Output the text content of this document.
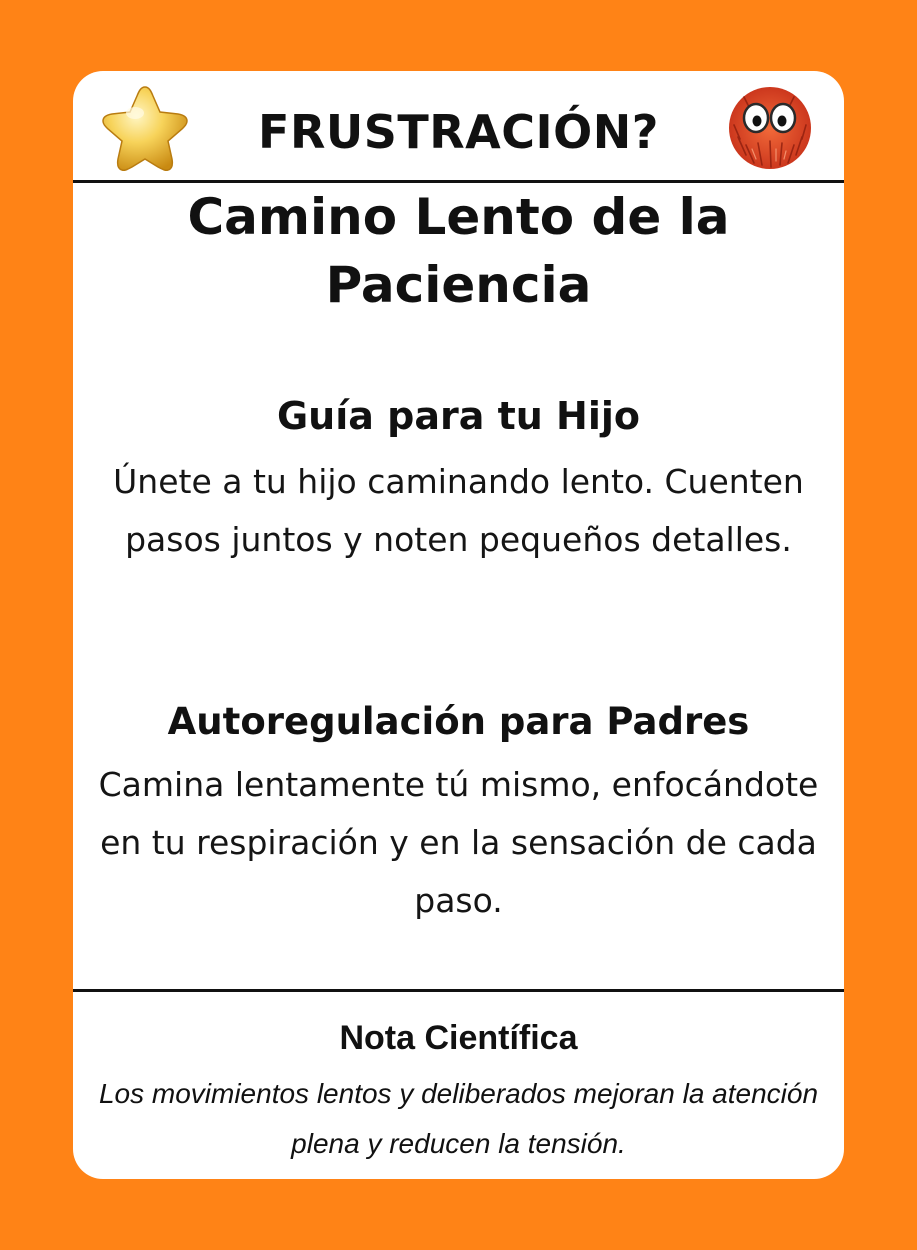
FRUSTRACIÓN?
Camino Lento de la Paciencia
Guía para tu Hijo
Únete a tu hijo caminando lento. Cuenten pasos juntos y noten pequeños detalles.
Autoregulación para Padres
Camina lentamente tú mismo, enfocándote en tu respiración y en la sensación de cada paso.
Nota Científica
Los movimientos lentos y deliberados mejoran la atención plena y reducen la tensión.
